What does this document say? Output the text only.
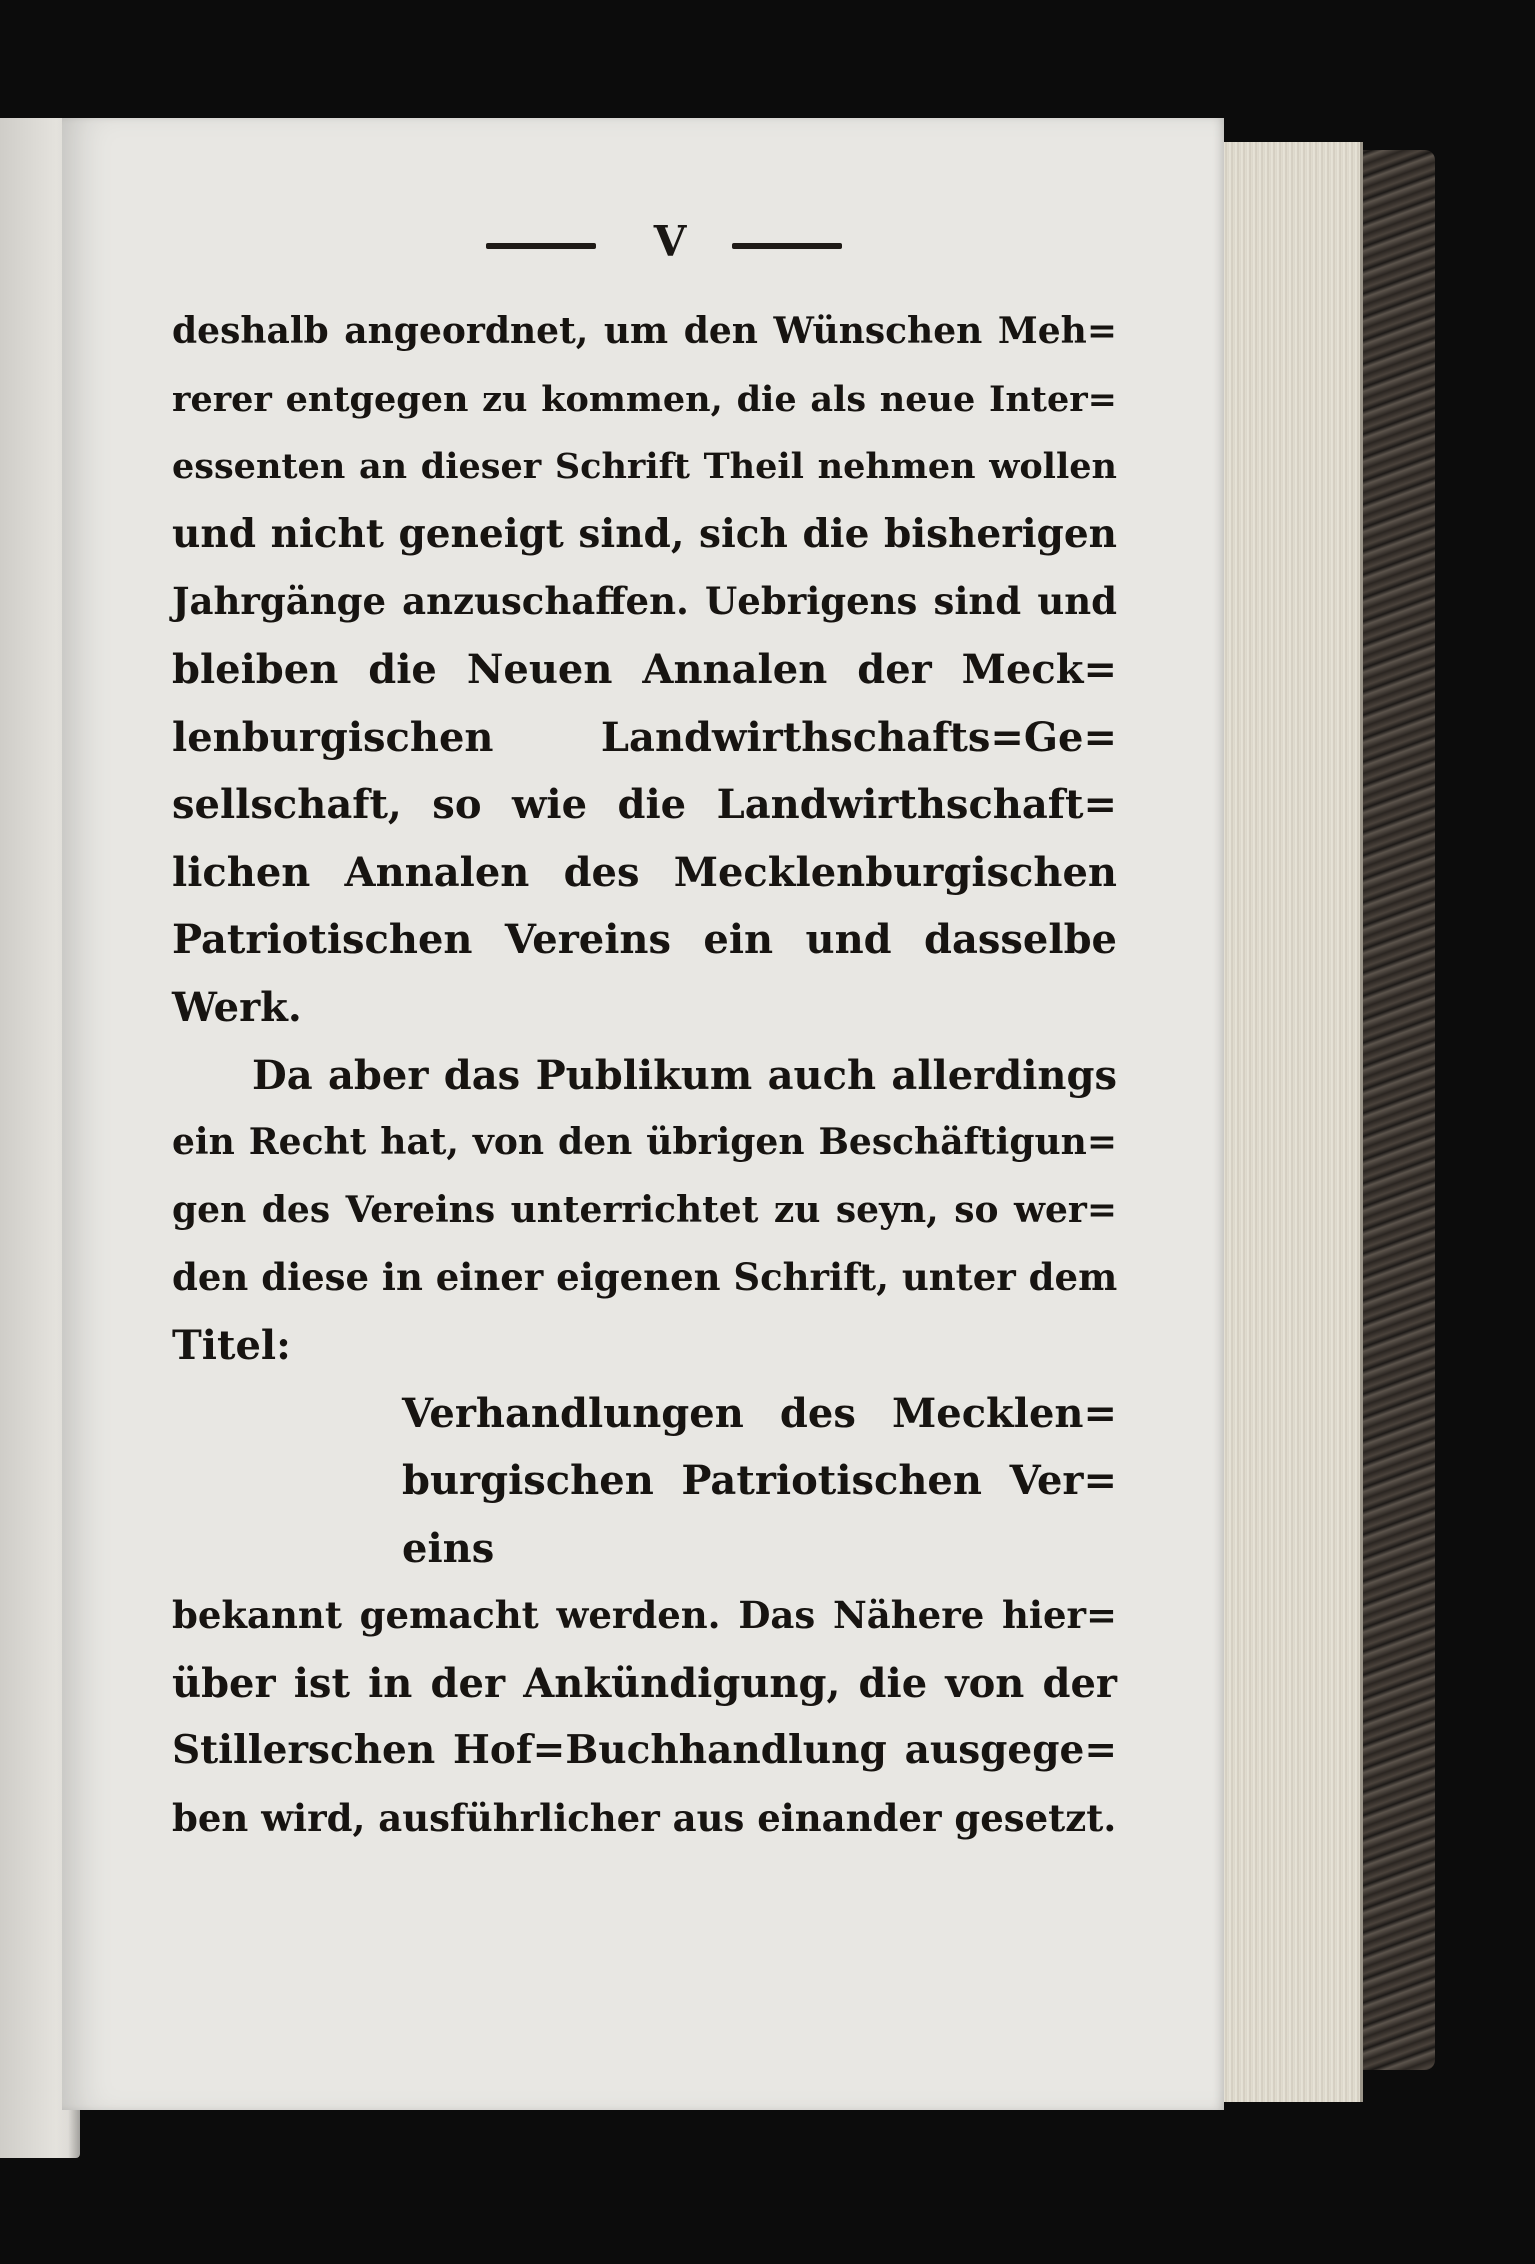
V
deshalb angeordnet, um den Wünschen Meh=
rerer entgegen zu kommen, die als neue Inter=
essenten an dieser Schrift Theil nehmen wollen
und nicht geneigt sind, sich die bisherigen
Jahrgänge anzuschaffen. Uebrigens sind und
bleiben die Neuen Annalen der Meck=
lenburgischen Landwirthschafts=Ge=
sellschaft, so wie die Landwirthschaft=
lichen Annalen des Mecklenburgischen
Patriotischen Vereins ein und dasselbe
Werk.
Da aber das Publikum auch allerdings
ein Recht hat, von den übrigen Beschäftigun=
gen des Vereins unterrichtet zu seyn, so wer=
den diese in einer eigenen Schrift, unter dem
Titel:
Verhandlungen des Mecklen=
burgischen Patriotischen Ver=
eins
bekannt gemacht werden. Das Nähere hier=
über ist in der Ankündigung, die von der
Stillerschen Hof=Buchhandlung ausgege=
ben wird, ausführlicher aus einander gesetzt.
